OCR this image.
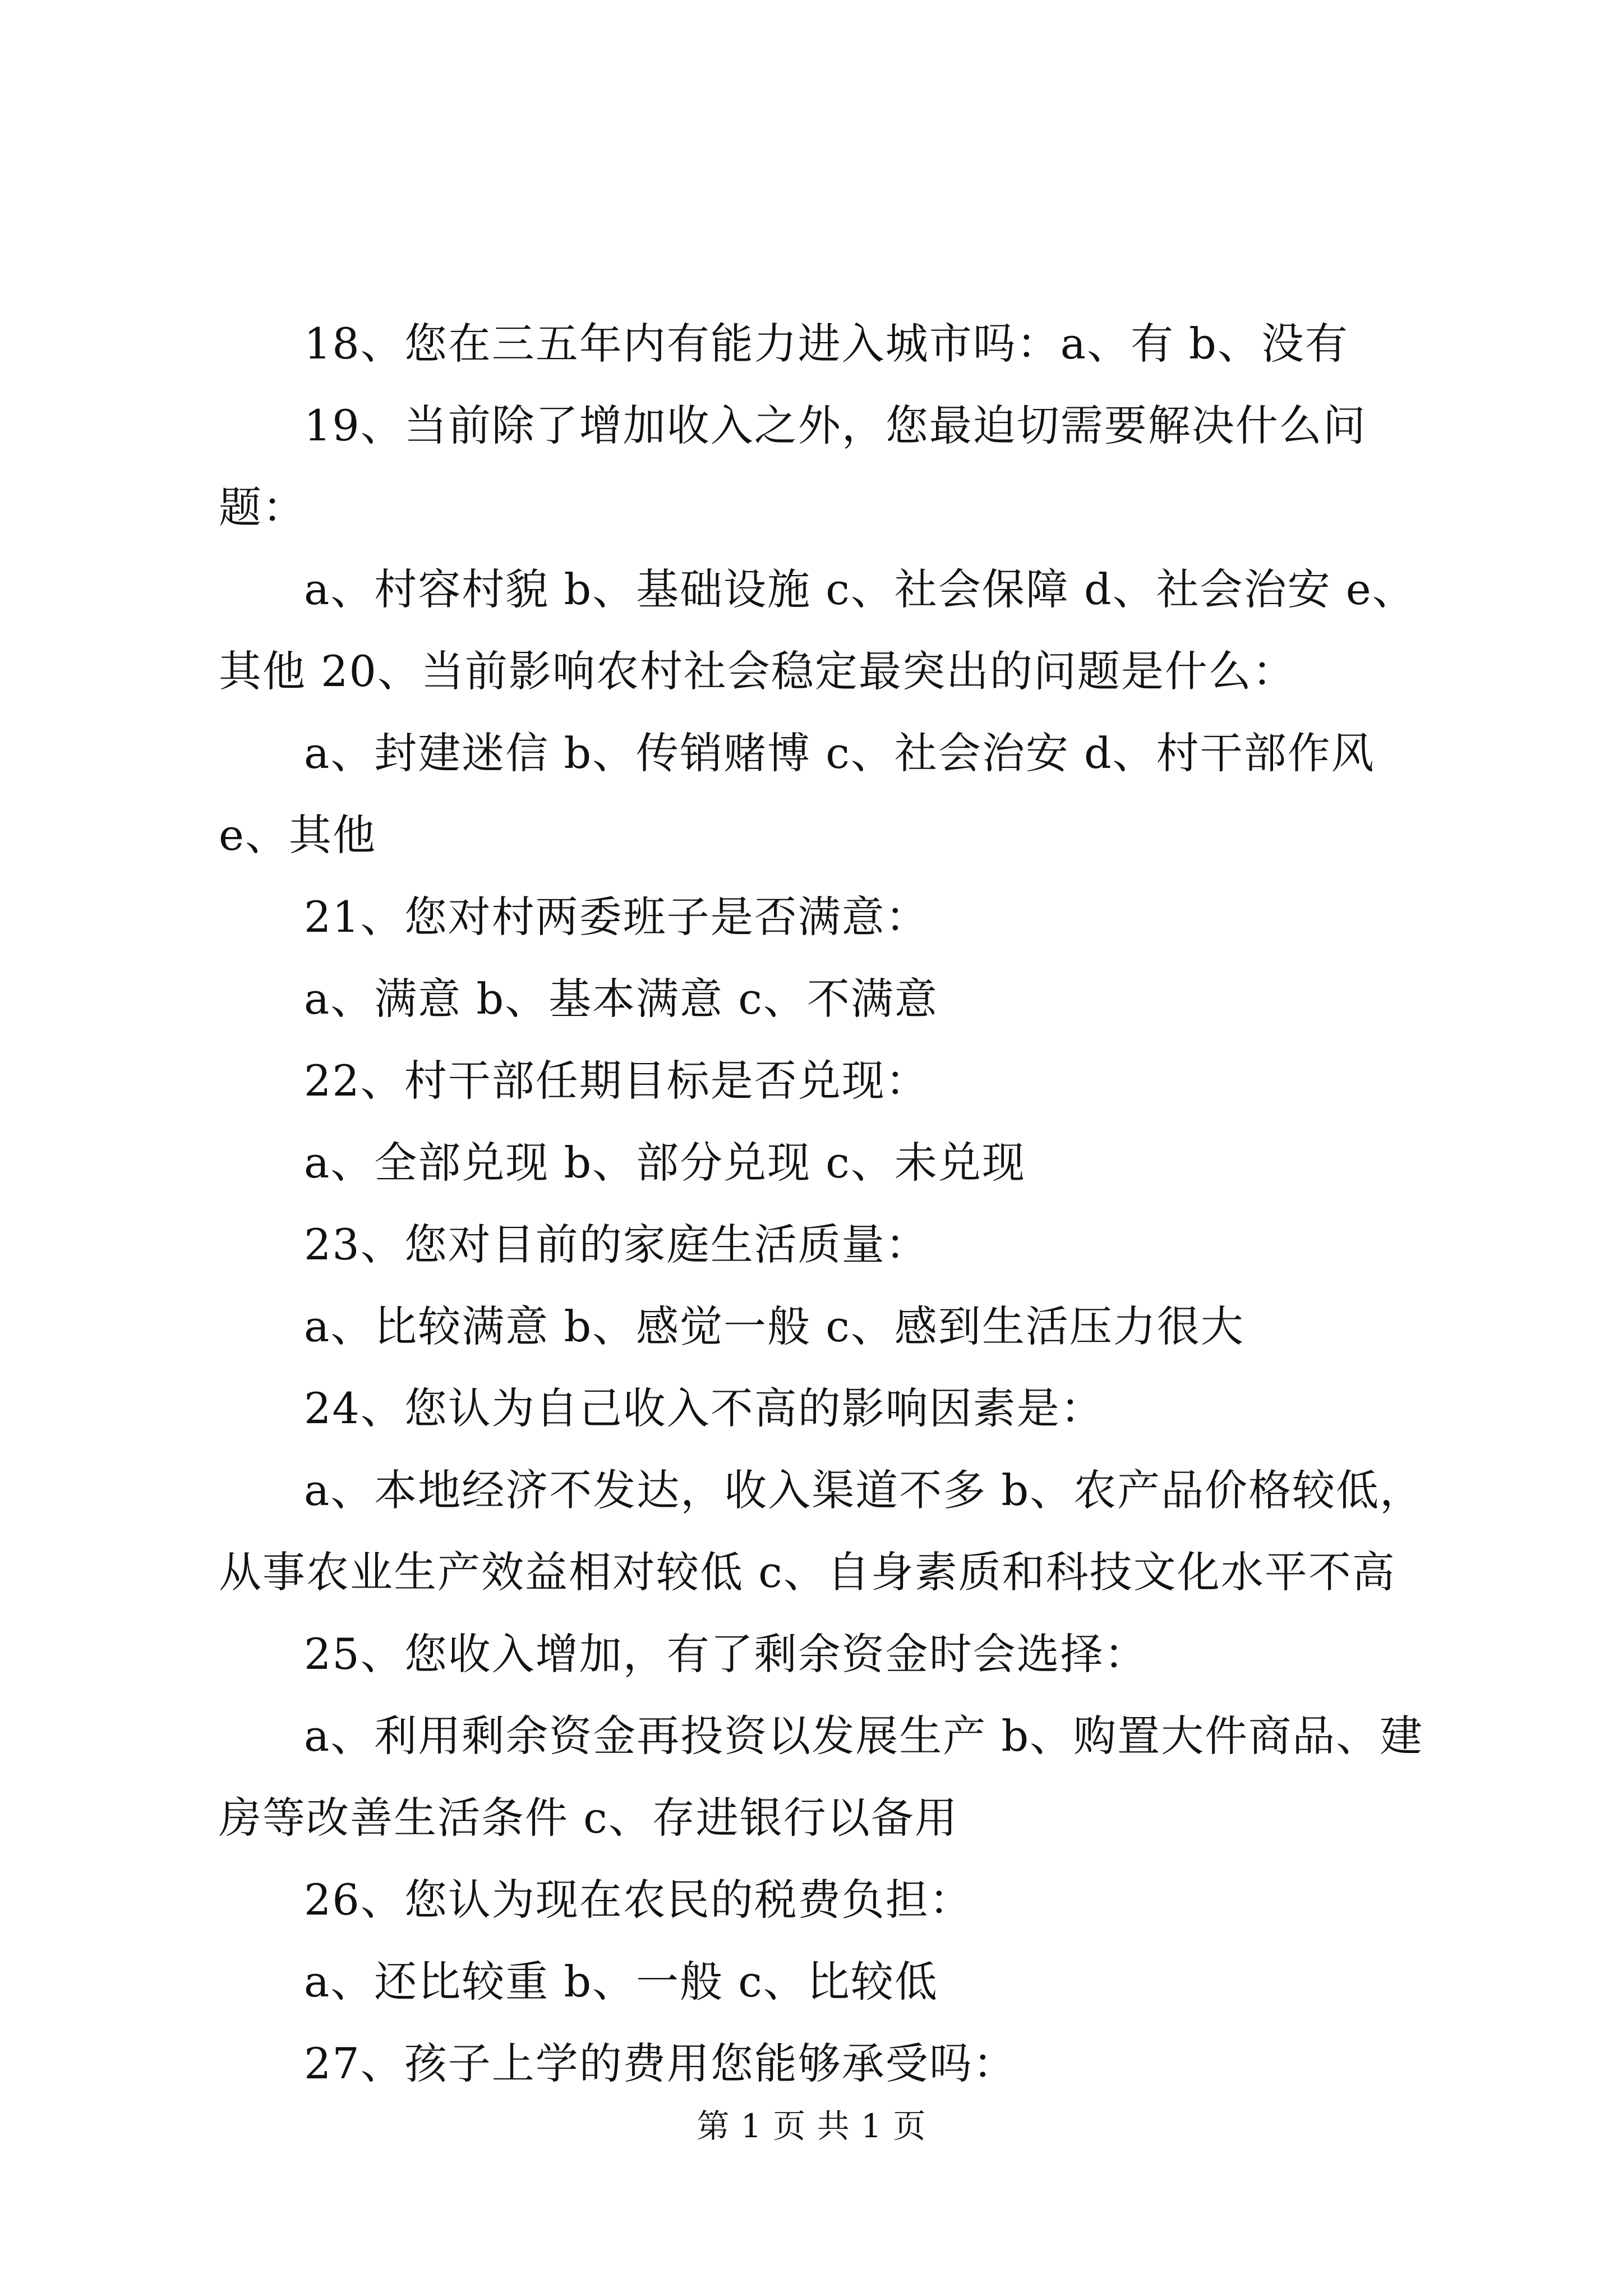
18、您在三五年内有能力进入城市吗：a、有 b、没有

19、当前除了增加收入之外，您最迫切需要解决什么问题：

a、村容村貌 b、基础设施 c、社会保障 d、社会治安 e、其他 20、当前影响农村社会稳定最突出的问题是什么：

a、封建迷信 b、传销赌博 c、社会治安 d、村干部作风 e、其他

21、您对村两委班子是否满意：

a、满意 b、基本满意 c、不满意

22、村干部任期目标是否兑现：

a、全部兑现 b、部分兑现 c、未兑现

23、您对目前的家庭生活质量：

a、比较满意 b、感觉一般 c、感到生活压力很大

24、您认为自己收入不高的影响因素是：

a、本地经济不发达，收入渠道不多 b、农产品价格较低，从事农业生产效益相对较低 c、自身素质和科技文化水平不高

25、您收入增加，有了剩余资金时会选择：

a、利用剩余资金再投资以发展生产 b、购置大件商品、建房等改善生活条件 c、存进银行以备用

26、您认为现在农民的税费负担：

a、还比较重 b、一般 c、比较低

27、孩子上学的费用您能够承受吗：

第 1 页 共 1 页
